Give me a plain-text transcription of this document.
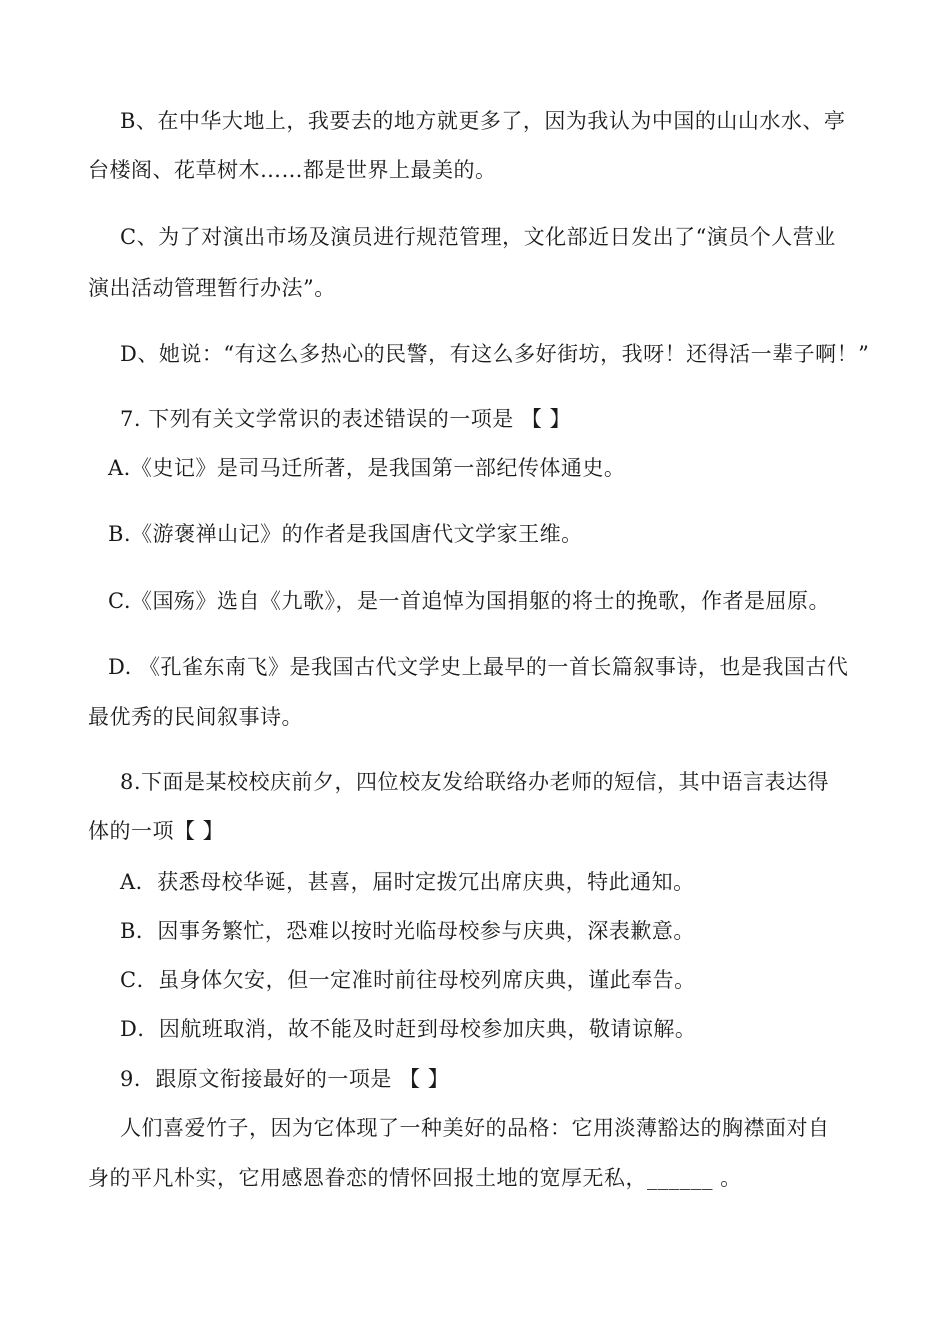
B、在中华大地上，我要去的地方就更多了，因为我认为中国的山山水水、亭
台楼阁、花草树木……都是世界上最美的。
C、为了对演出市场及演员进行规范管理，文化部近日发出了“演员个人营业
演出活动管理暂行办法”。
D、她说：“有这么多热心的民警，有这么多好街坊，我呀！还得活一辈子啊！”
7. 下列有关文学常识的表述错误的一项是 【 】
A.《史记》是司马迁所著，是我国第一部纪传体通史。
B.《游褒禅山记》的作者是我国唐代文学家王维。
C.《国殇》选自《九歌》，是一首追悼为国捐躯的将士的挽歌，作者是屈原。
D. 《孔雀东南飞》是我国古代文学史上最早的一首长篇叙事诗，也是我国古代
最优秀的民间叙事诗。
8.下面是某校校庆前夕，四位校友发给联络办老师的短信，其中语言表达得
体的一项【 】
A．获悉母校华诞，甚喜，届时定拨冗出席庆典，特此通知。
B．因事务繁忙，恐难以按时光临母校参与庆典，深表歉意。
C．虽身体欠安，但一定准时前往母校列席庆典，谨此奉告。
D．因航班取消，故不能及时赶到母校参加庆典，敬请谅解。
9．跟原文衔接最好的一项是 【 】
人们喜爱竹子，因为它体现了一种美好的品格：它用淡薄豁达的胸襟面对自
身的平凡朴实，它用感恩眷恋的情怀回报土地的宽厚无私，______ 。
